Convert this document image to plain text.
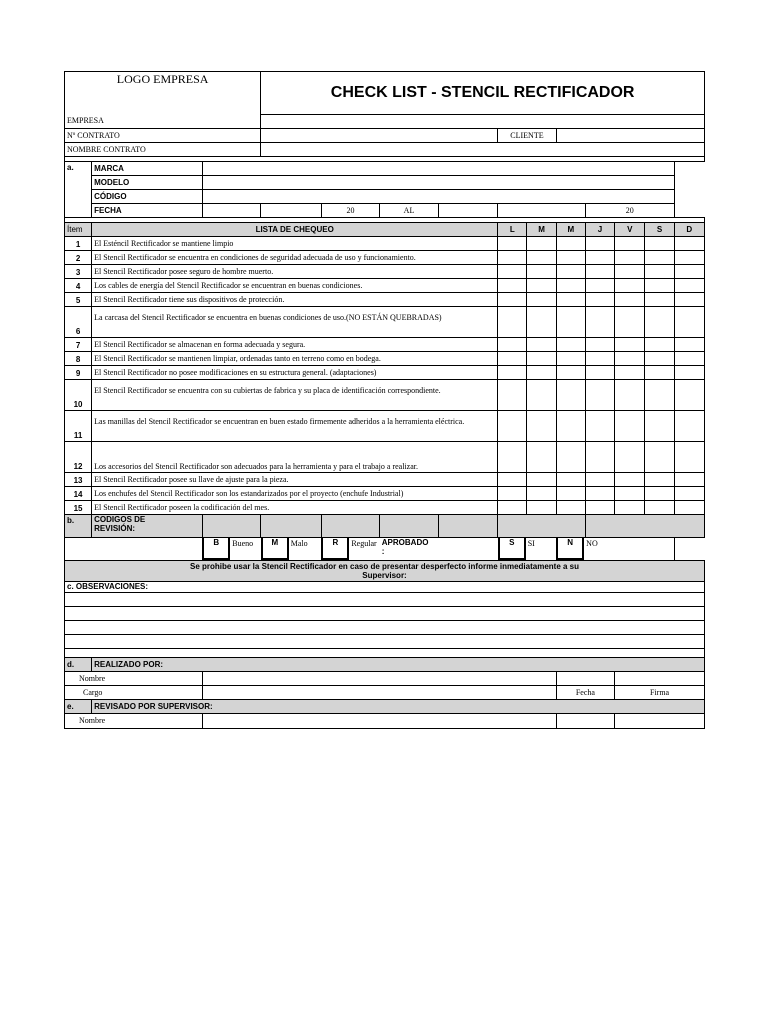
LOGO EMPRESA			CHECK LIST - STENCIL RECTIFICADOR										

EMPRESA													
Nº CONTRATO							CLIENTE						
NOMBRE CONTRATO													

a.	MARCA												
	MODELO												
	CÓDIGO												
	FECHA			20	AL					20			

Ítem	LISTA DE CHEQUEO						L	M	M	J	V	S	D
1	El Esténcil Rectificador se mantiene limpio												
2	El Stencil Rectificador se encuentra en condiciones de seguridad adecuada de uso y funcionamiento.												
3	El Stencil Rectificador posee seguro de hombre muerto.												
4	Los cables de energía del Stencil Rectificador se encuentran en buenas condiciones.												
5	El Stencil Rectificador tiene sus dispositivos de protección.												
6	La carcasa del Stencil Rectificador se encuentra en buenas condiciones de uso.(NO ESTÁN QUEBRADAS)												
7	El Stencil Rectificador se almacenan en forma adecuada y segura.												
8	El Stencil Rectificador se mantienen limpiar, ordenadas tanto en terreno como en bodega.												
9	El Stencil Rectificador no posee modificaciones en su estructura general. (adaptaciones)												
10	El Stencil Rectificador se encuentra con su cubiertas de fabrica y su placa de identificación correspondiente.												
11	Las manillas del Stencil Rectificador se encuentran en buen estado firmemente adheridos a la herramienta eléctrica.												
12	Los accesorios del Stencil Rectificador son adecuados para la herramienta y para el trabajo a realizar.												
13	El Stencil Rectificador posee su llave de ajuste para la pieza.												
14	Los enchufes del Stencil Rectificador son los estandarizados por el proyecto (enchufe Industrial)												
15	El Stencil Rectificador poseen la codificación del mes.												
b.	CODIGOS DE
REVISIÓN:												
		B Bueno	M Malo	R Regular	APROBADO
:		S SI		N NO				
Se prohibe usar la Stencil Rectificador en caso de presentar desperfecto informe inmediatamente a su
Supervisor:													
c. OBSERVACIONES:													

d.	REALIZADO POR:												
Nombre													
Cargo									Fecha		Firma		
e.	REVISADO POR SUPERVISOR:												
Nombre													
